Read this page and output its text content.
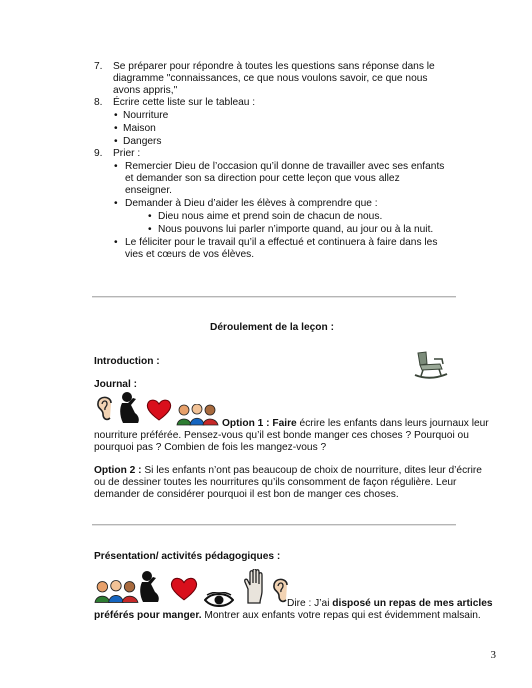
7. Se préparer pour répondre à toutes les questions sans réponse dans le
diagramme "connaissances, ce que nous voulons savoir, ce que nous
avons appris,"
8. Écrire cette liste sur le tableau :
• Nourriture
• Maison
• Dangers
9. Prier :
• Remercier Dieu de l’occasion qu’il donne de travailler avec ses enfants
et demander son sa direction pour cette leçon que vous allez
enseigner.
• Demander à Dieu d’aider les élèves à comprendre que :
• Dieu nous aime et prend soin de chacun de nous.
• Nous pouvons lui parler n’importe quand, au jour ou à la nuit.
• Le féliciter pour le travail qu’il a effectué et continuera à faire dans les
vies et cœurs de vos élèves.
Déroulement de la leçon :
Introduction :
Journal :
Option 1 : Faire écrire les enfants dans leurs journaux leur
nourriture préférée. Pensez-vous qu’il est bonde manger ces choses ? Pourquoi ou
pourquoi pas ? Combien de fois les mangez-vous ?
Option 2 : Si les enfants n’ont pas beaucoup de choix de nourriture, dites leur d’écrire
ou de dessiner toutes les nourritures qu’ils consomment de façon régulière. Leur
demander de considérer pourquoi il est bon de manger ces choses.
Présentation/ activités pédagogiques :
Dire : J’ai disposé un repas de mes articles
préférés pour manger. Montrer aux enfants votre repas qui est évidemment malsain.
3
